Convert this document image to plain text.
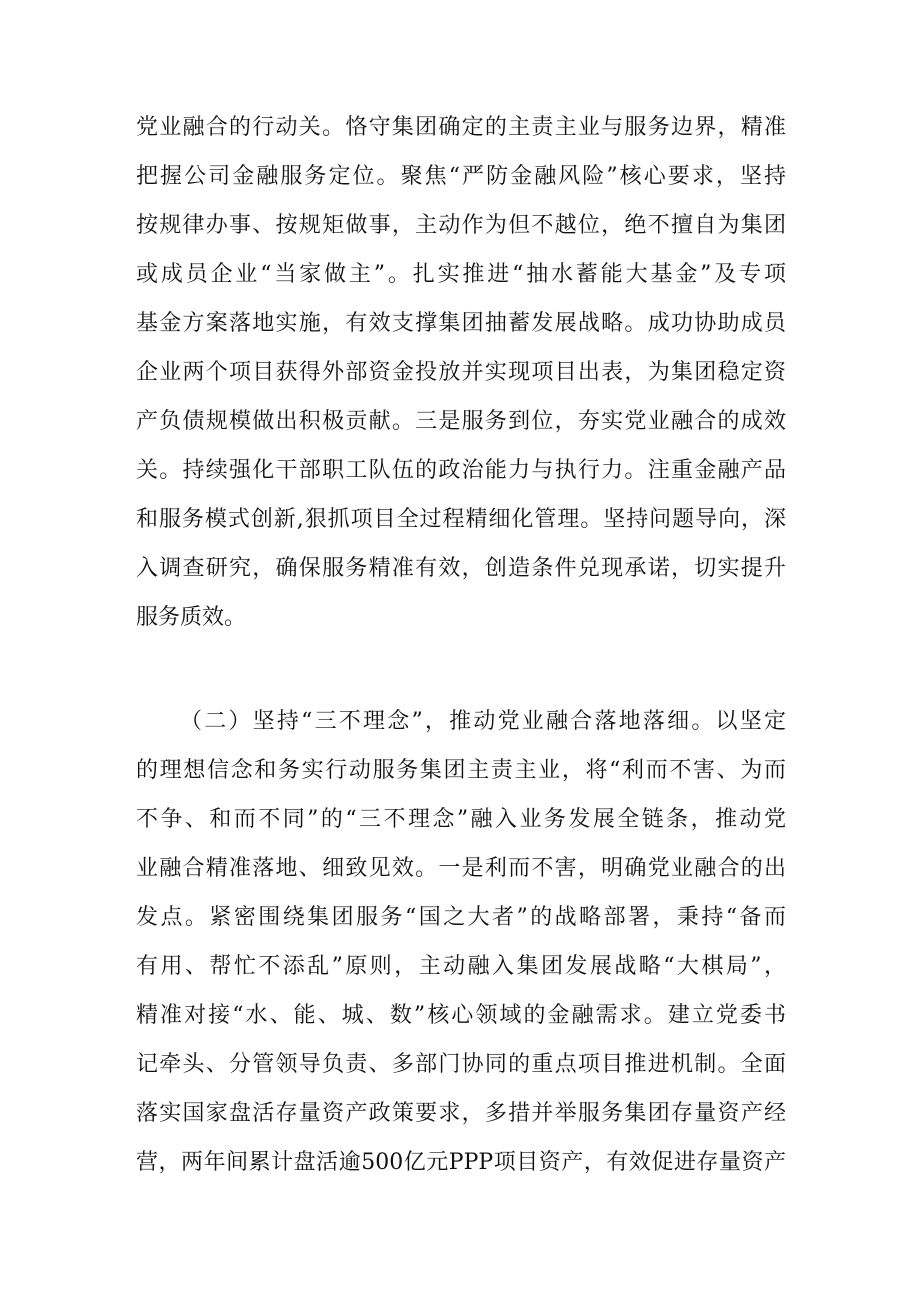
党业融合的行动关。恪守集团确定的主责主业与服务边界，精准
把握公司金融服务定位。聚焦“严防金融风险”核心要求，坚持
按规律办事、按规矩做事，主动作为但不越位，绝不擅自为集团
或成员企业“当家做主”。扎实推进“抽水蓄能大基金”及专项
基金方案落地实施，有效支撑集团抽蓄发展战略。成功协助成员
企业两个项目获得外部资金投放并实现项目出表，为集团稳定资
产负债规模做出积极贡献。三是服务到位，夯实党业融合的成效
关。持续强化干部职工队伍的政治能力与执行力。注重金融产品
和服务模式创新,狠抓项目全过程精细化管理。坚持问题导向，深
入调查研究，确保服务精准有效，创造条件兑现承诺，切实提升
服务质效。
（二）坚持“三不理念”，推动党业融合落地落细。以坚定
的理想信念和务实行动服务集团主责主业，将“利而不害、为而
不争、和而不同”的“三不理念”融入业务发展全链条，推动党
业融合精准落地、细致见效。一是利而不害，明确党业融合的出
发点。紧密围绕集团服务“国之大者”的战略部署，秉持“备而
有用、帮忙不添乱”原则，主动融入集团发展战略“大棋局”，
精准对接“水、能、城、数”核心领域的金融需求。建立党委书
记牵头、分管领导负责、多部门协同的重点项目推进机制。全面
落实国家盘活存量资产政策要求，多措并举服务集团存量资产经
营，两年间累计盘活逾500亿元PPP项目资产，有效促进存量资产
